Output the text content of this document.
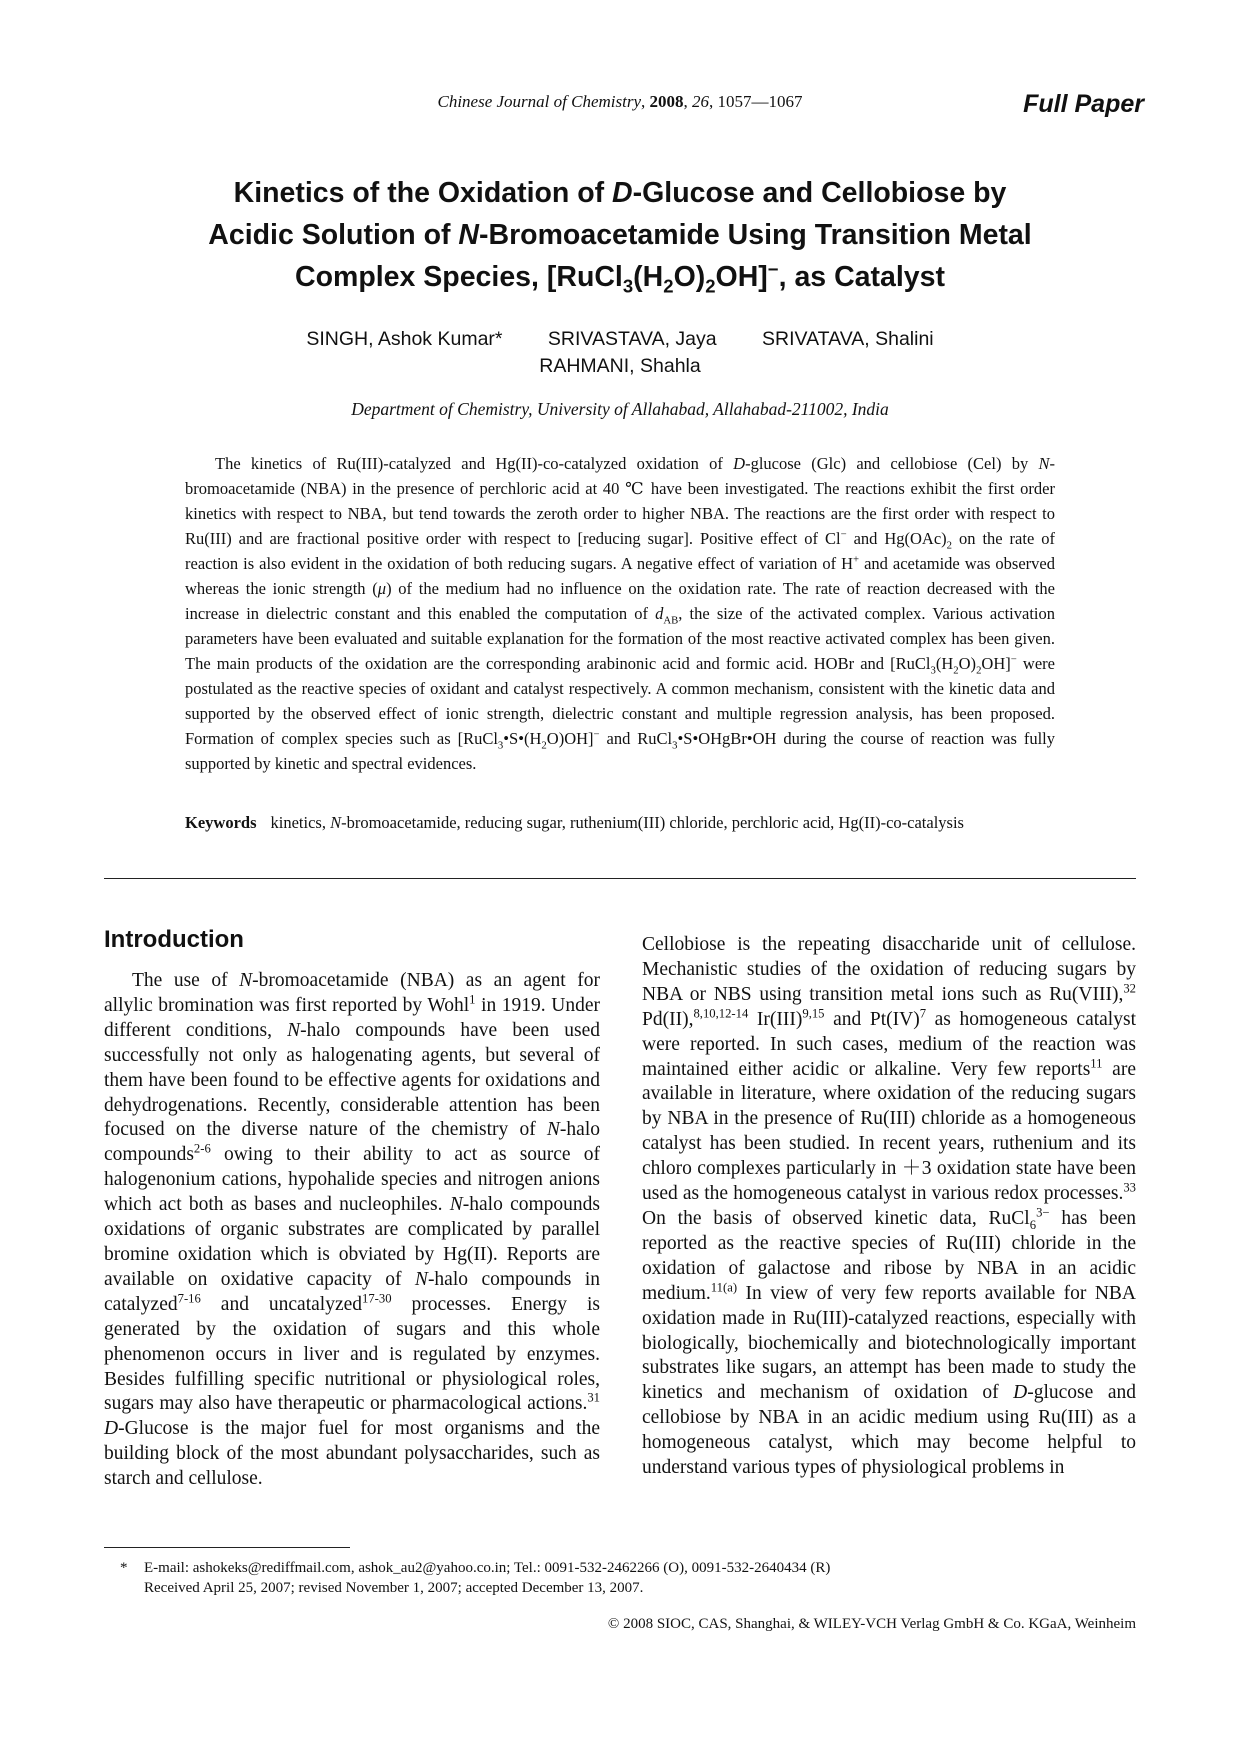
Chinese Journal of Chemistry, 2008, 26, 1057—1067	Full Paper
Kinetics of the Oxidation of D-Glucose and Cellobiose by
Acidic Solution of N-Bromoacetamide Using Transition Metal
Complex Species, $[RuCl_3(H_2O)_2OH]^-$, as Catalyst
SINGH, Ashok Kumar* SRIVASTAVA, Jaya SRIVATAVA, Shalini
RAHMANI, Shahla
Department of Chemistry, University of Allahabad, Allahabad-211002, India

The kinetics of Ru(III)-catalyzed and Hg(II)-co-catalyzed oxidation of D-glucose (Glc) and cellobiose (Cel) by N-bromoacetamide (NBA) in the presence of perchloric acid at 40 ℃ have been investigated. The reactions exhibit the first order kinetics with respect to NBA, but tend towards the zeroth order to higher NBA. The reactions are the first order with respect to Ru(III) and are fractional positive order with respect to [reducing sugar]. Positive effect of Cl− and $Hg(OAc)_2$ on the rate of reaction is also evident in the oxidation of both reducing sugars. A negative effect of variation of H+ and acetamide was observed whereas the ionic strength (μ) of the medium had no influence on the oxidation rate. The rate of reaction decreased with the increase in dielectric constant and this enabled the computation of $d_{AB}$, the size of the activated complex. Various activation parameters have been evaluated and suitable explanation for the formation of the most reactive activated complex has been given. The main products of the oxidation are the corresponding arabinonic acid and formic acid. HOBr and $[RuCl_3(H_2O)_2OH]^-$ were postulated as the reactive species of oxidant and catalyst respectively. A common mechanism, consistent with the kinetic data and supported by the observed effect of ionic strength, dielectric constant and multiple regression analysis, has been proposed. Formation of complex species such as $[RuCl_3•S•(H_2O)OH]^-$ and RuCl$_3$•S•OHgBr•OH during the course of reaction was fully supported by kinetic and spectral evidences.

Keywords kinetics, N-bromoacetamide, reducing sugar, ruthenium(III) chloride, perchloric acid, Hg(II)-co-catalysis
Introduction

The use of N-bromoacetamide (NBA) as an agent for allylic bromination was first reported by Wohl$^1$ in 1919. Under different conditions, N-halo compounds have been used successfully not only as halogenating agents, but several of them have been found to be effective agents for oxidations and dehydrogenations. Recently, considerable attention has been focused on the diverse nature of the chemistry of N-halo compounds$^{2-6}$ owing to their ability to act as source of halogenonium cations, hypohalide species and nitrogen anions which act both as bases and nucleophiles. N-halo compounds oxidations of organic substrates are complicated by parallel bromine oxidation which is obviated by Hg(II). Reports are available on oxidative capacity of N-halo compounds in catalyzed$^{7-16}$ and uncatalyzed$^{17-30}$ processes. Energy is generated by the oxidation of sugars and this whole phenomenon occurs in liver and is regulated by enzymes. Besides fulfilling specific nutritional or physiological roles, sugars may also have therapeutic or pharmacological actions.$^{31}$ D-Glucose is the major fuel for most organisms and the building block of the most abundant polysaccharides, such as starch and cellulose.

Cellobiose is the repeating disaccharide unit of cellulose. Mechanistic studies of the oxidation of reducing sugars by NBA or NBS using transition metal ions such as Ru(VIII),$^{32}$ Pd(II),$^{8,10,12-14}$ Ir(III)$^{9,15}$ and Pt(IV)$^7$ as homogeneous catalyst were reported. In such cases, medium of the reaction was maintained either acidic or alkaline. Very few reports$^{11}$ are available in literature, where oxidation of the reducing sugars by NBA in the presence of Ru(III) chloride as a homogeneous catalyst has been studied. In recent years, ruthenium and its chloro complexes particularly in ＋3 oxidation state have been used as the homogeneous catalyst in various redox processes.$^{33}$ On the basis of observed kinetic data, RuCl$_6^{3-}$ has been reported as the reactive species of Ru(III) chloride in the oxidation of galactose and ribose by NBA in an acidic medium.$^{11(a)}$ In view of very few reports available for NBA oxidation made in Ru(III)-catalyzed reactions, especially with biologically, biochemically and biotechnologically important substrates like sugars, an attempt has been made to study the kinetics and mechanism of oxidation of D-glucose and cellobiose by NBA in an acidic medium using Ru(III) as a homogeneous catalyst, which may become helpful to understand various types of physiological problems in

* E-mail: ashokeks@rediffmail.com, ashok_au2@yahoo.co.in; Tel.: 0091-532-2462266 (O), 0091-532-2640434 (R)
Received April 25, 2007; revised November 1, 2007; accepted December 13, 2007.
© 2008 SIOC, CAS, Shanghai, & WILEY-VCH Verlag GmbH & Co. KGaA, Weinheim
